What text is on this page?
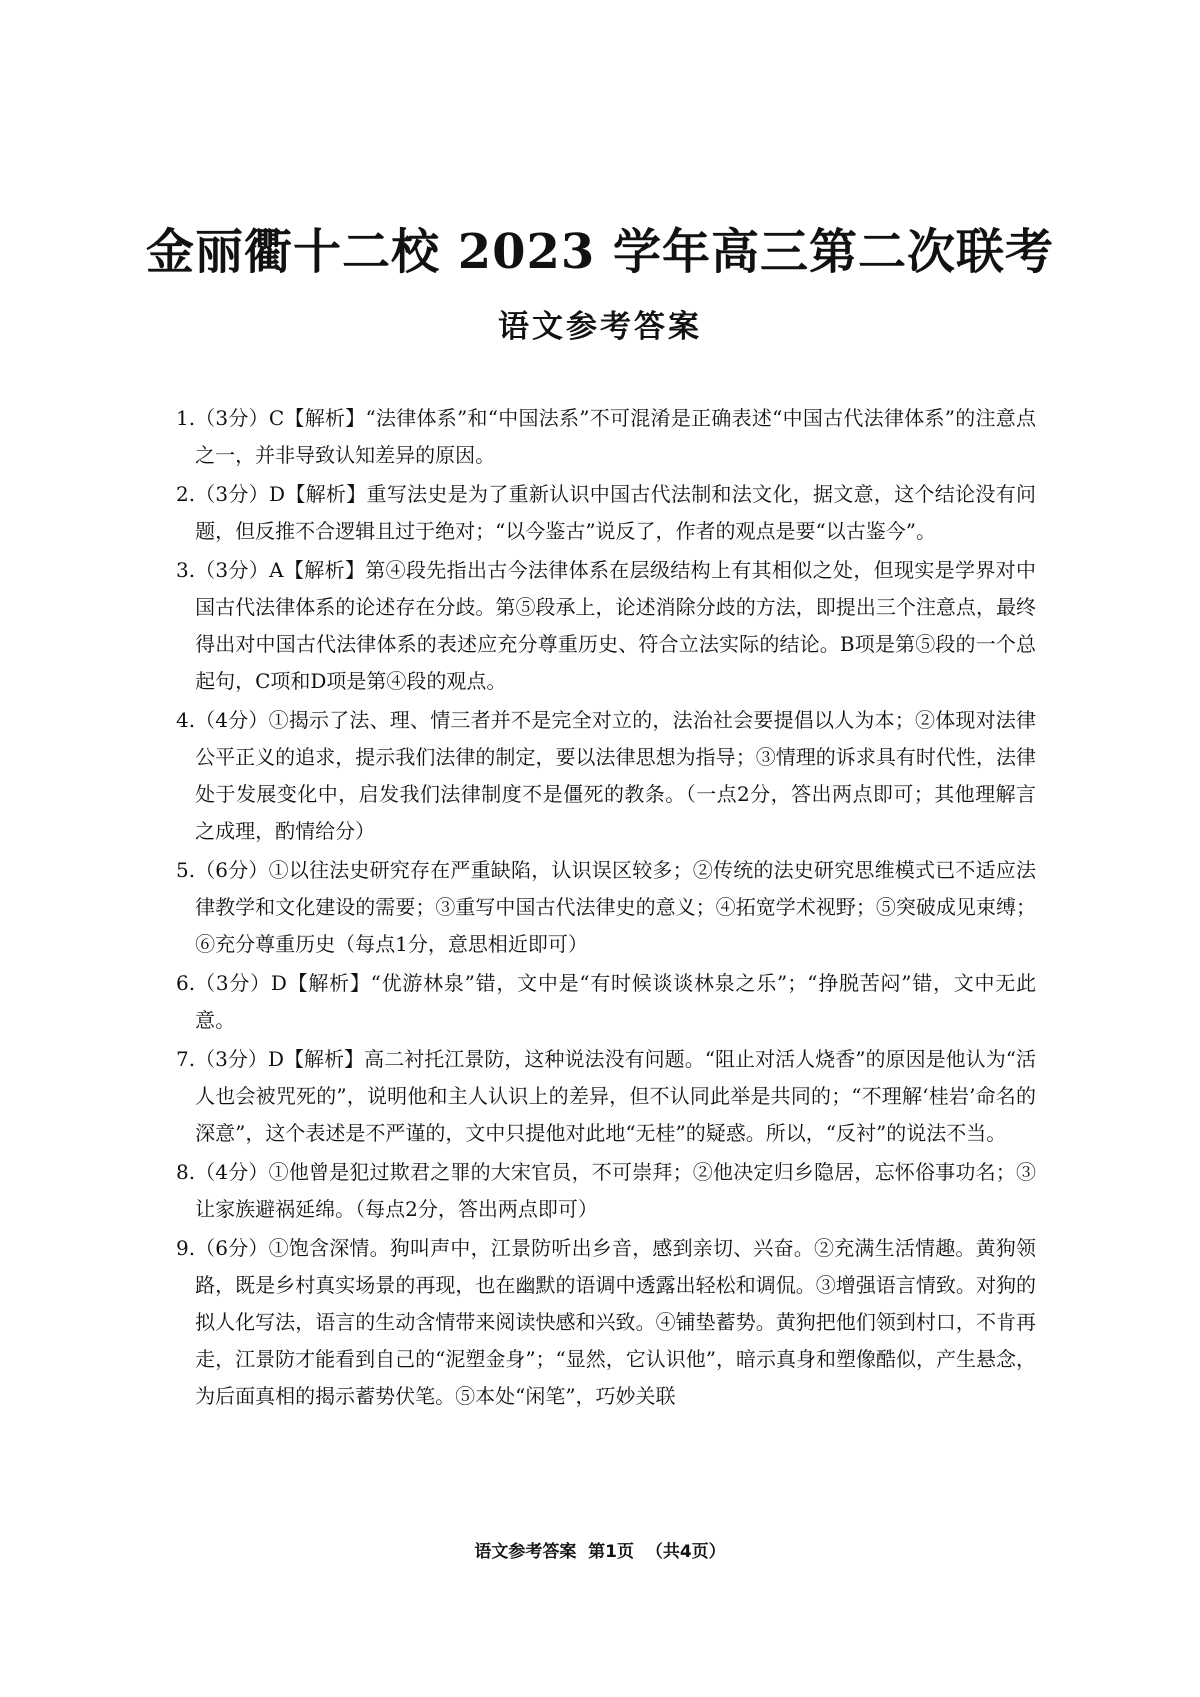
金丽衢十二校 2023 学年高三第二次联考
语文参考答案
1. （3分）C【解析】“法律体系”和“中国法系”不可混淆是正确表述“中国古代法律体系”的注意点之一，并非导致认知差异的原因。
2. （3分）D【解析】重写法史是为了重新认识中国古代法制和法文化，据文意，这个结论没有问题，但反推不合逻辑且过于绝对；“以今鉴古”说反了，作者的观点是要“以古鉴今”。
3. （3分）A【解析】第④段先指出古今法律体系在层级结构上有其相似之处，但现实是学界对中国古代法律体系的论述存在分歧。第⑤段承上，论述消除分歧的方法，即提出三个注意点，最终得出对中国古代法律体系的表述应充分尊重历史、符合立法实际的结论。B项是第⑤段的一个总起句，C项和D项是第④段的观点。
4. （4分）①揭示了法、理、情三者并不是完全对立的，法治社会要提倡以人为本；②体现对法律公平正义的追求，提示我们法律的制定，要以法律思想为指导；③情理的诉求具有时代性，法律处于发展变化中，启发我们法律制度不是僵死的教条。（一点2分，答出两点即可；其他理解言之成理，酌情给分）
5. （6分）①以往法史研究存在严重缺陷，认识误区较多；②传统的法史研究思维模式已不适应法律教学和文化建设的需要；③重写中国古代法律史的意义；④拓宽学术视野；⑤突破成见束缚；⑥充分尊重历史（每点1分，意思相近即可）
6. （3分）D【解析】“优游林泉”错，文中是“有时候谈谈林泉之乐”；“挣脱苦闷”错，文中无此意。
7. （3分）D【解析】高二衬托江景防，这种说法没有问题。“阻止对活人烧香”的原因是他认为“活人也会被咒死的”，说明他和主人认识上的差异，但不认同此举是共同的；“不理解‘桂岩’命名的深意”，这个表述是不严谨的，文中只提他对此地“无桂”的疑惑。所以，“反衬”的说法不当。
8. （4分）①他曾是犯过欺君之罪的大宋官员，不可崇拜；②他决定归乡隐居，忘怀俗事功名；③让家族避祸延绵。（每点2分，答出两点即可）
9. （6分）①饱含深情。狗叫声中，江景防听出乡音，感到亲切、兴奋。②充满生活情趣。黄狗领路，既是乡村真实场景的再现，也在幽默的语调中透露出轻松和调侃。③增强语言情致。对狗的拟人化写法，语言的生动含情带来阅读快感和兴致。④铺垫蓄势。黄狗把他们领到村口，不肯再走，江景防才能看到自己的“泥塑金身”；“显然，它认识他”，暗示真身和塑像酷似，产生悬念，为后面真相的揭示蓄势伏笔。⑤本处“闲笔”，巧妙关联
语文参考答案  第1页  （共4页）
